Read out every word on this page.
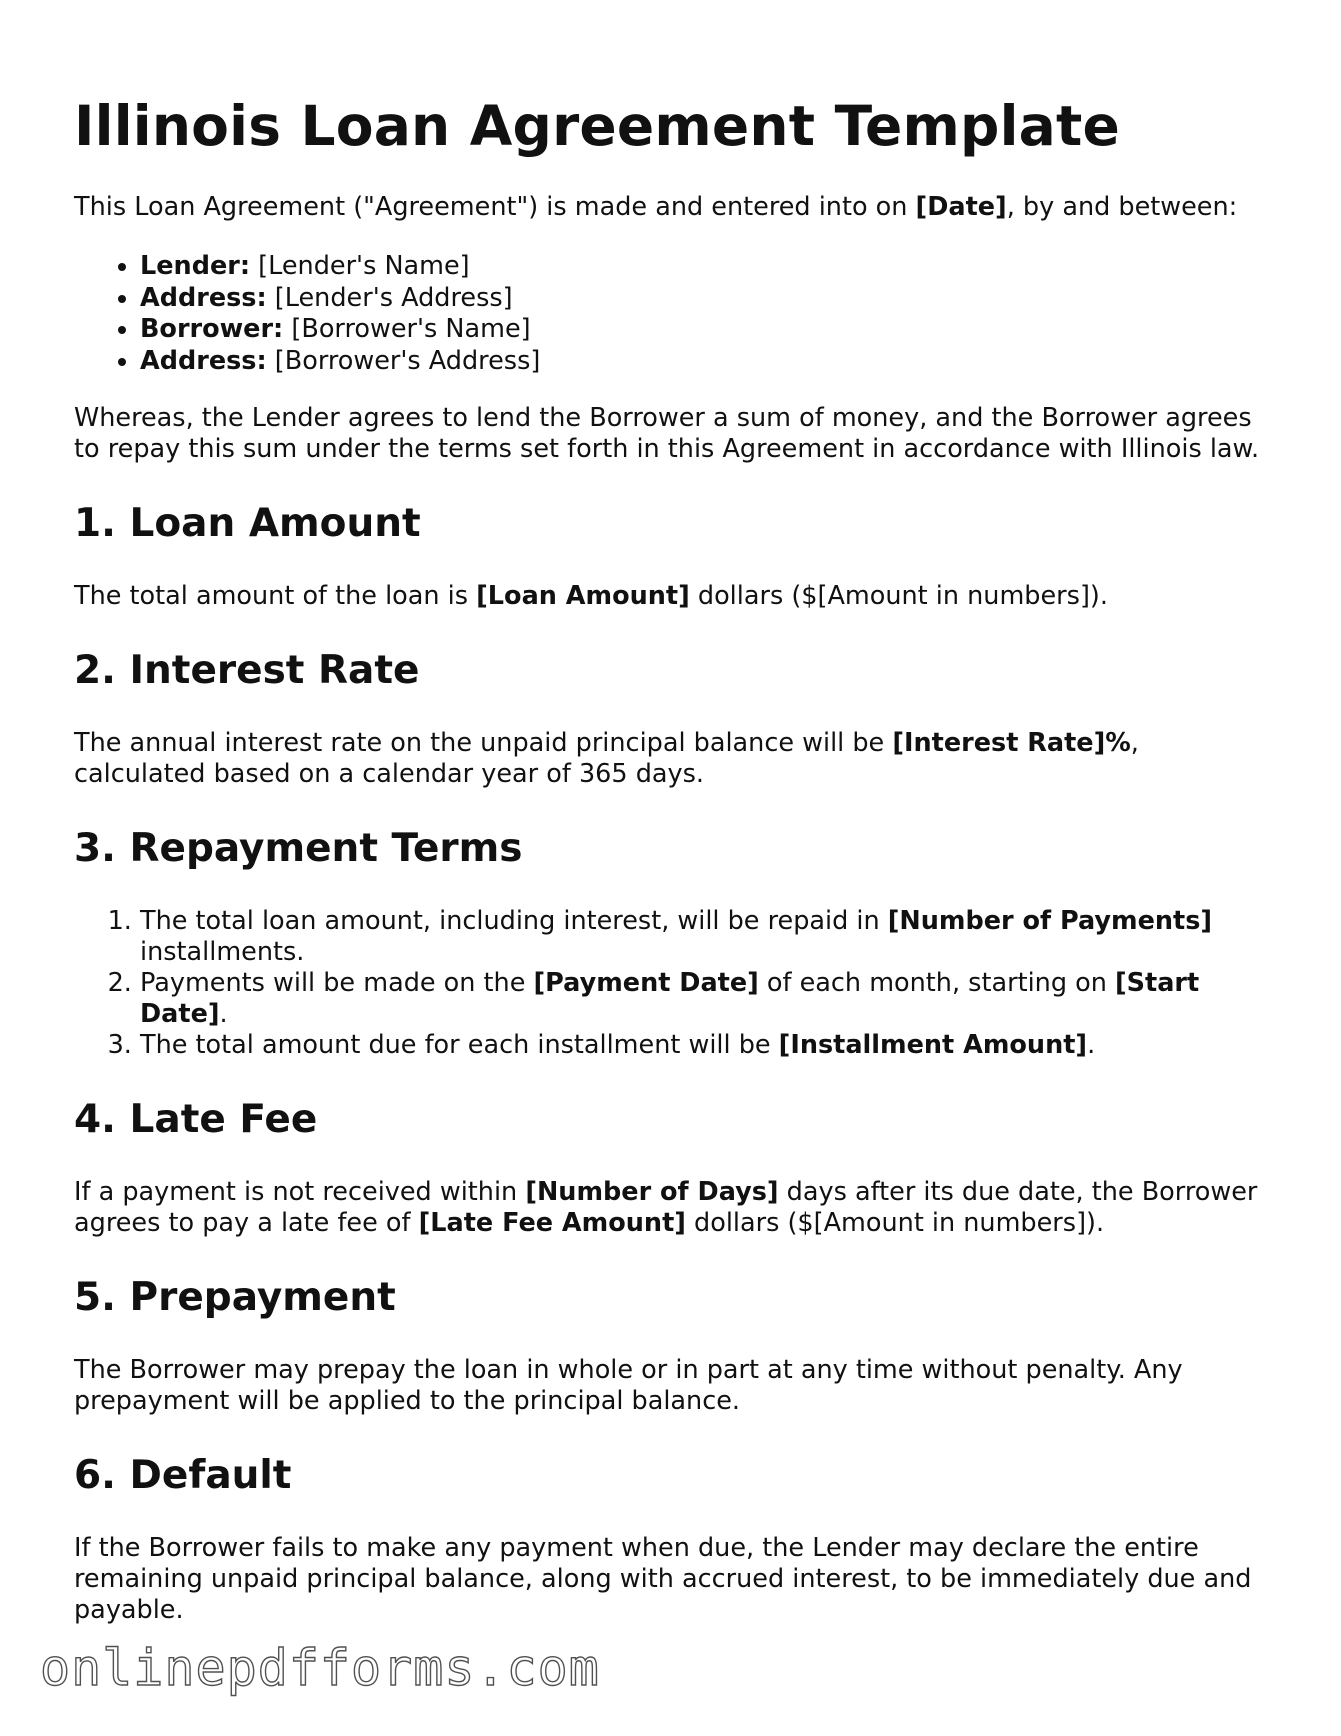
Illinois Loan Agreement Template

This Loan Agreement ("Agreement") is made and entered into on [Date], by and between:

• Lender: [Lender's Name]
• Address: [Lender's Address]
• Borrower: [Borrower's Name]
• Address: [Borrower's Address]

Whereas, the Lender agrees to lend the Borrower a sum of money, and the Borrower agrees to repay this sum under the terms set forth in this Agreement in accordance with Illinois law.

1. Loan Amount

The total amount of the loan is [Loan Amount] dollars ($[Amount in numbers]).

2. Interest Rate

The annual interest rate on the unpaid principal balance will be [Interest Rate]%, calculated based on a calendar year of 365 days.

3. Repayment Terms
1. The total loan amount, including interest, will be repaid in [Number of Payments] installments.
2. Payments will be made on the [Payment Date] of each month, starting on [Start Date].
3. The total amount due for each installment will be [Installment Amount].
4. Late Fee

If a payment is not received within [Number of Days] days after its due date, the Borrower agrees to pay a late fee of [Late Fee Amount] dollars ($[Amount in numbers]).

5. Prepayment

The Borrower may prepay the loan in whole or in part at any time without penalty. Any prepayment will be applied to the principal balance.

6. Default

If the Borrower fails to make any payment when due, the Lender may declare the entire remaining unpaid principal balance, along with accrued interest, to be immediately due and payable.

onlinepdfforms.com
